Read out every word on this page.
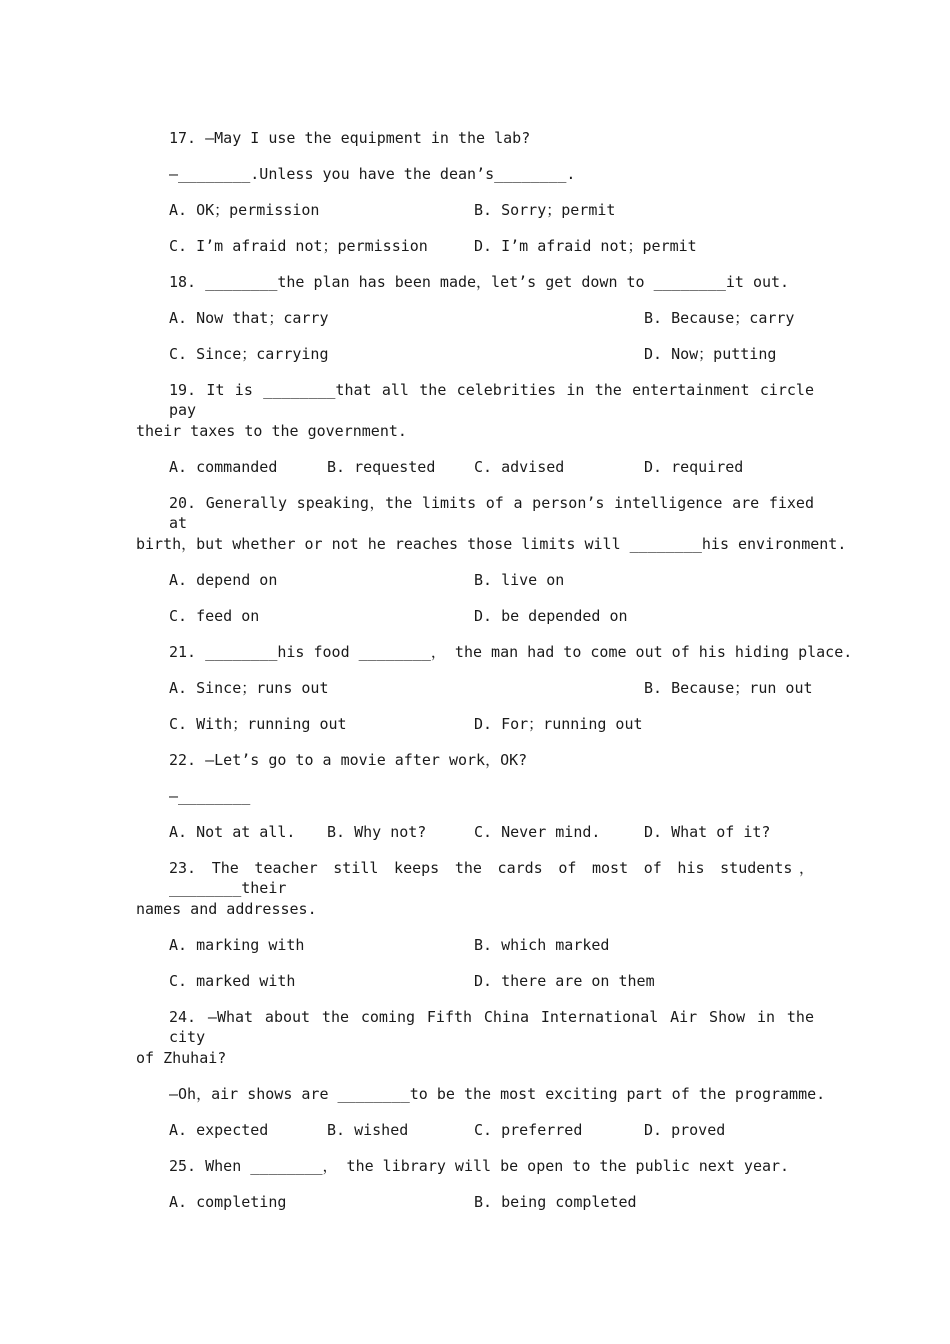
17. —May I use the equipment in the lab?
—________.Unless you have the dean’s________.
A. OK；permission	B. Sorry；permit
C. I’m afraid not；permission	D. I’m afraid not；permit
18. ________the plan has been made，let’s get down to ________it out.
A. Now that；carry	B. Because；carry
C. Since；carrying	D. Now；putting
19. It is ________that all the celebrities in the entertainment circle pay
their taxes to the government.
A. commanded	B. requested	C. advised	D. required
20. Generally speaking，the limits of a person’s intelligence are fixed at
birth，but whether or not he reaches those limits will ________his environment.
A. depend on	B. live on
C. feed on	D. be depended on
21. ________his food ________， the man had to come out of his hiding place.
A. Since；runs out	B. Because；run out
C. With；running out	D. For；running out
22. —Let’s go to a movie after work，OK?
—________
A. Not at all. B. Why not?	C. Never mind.	D. What of it?
23. The teacher still keeps the cards of most of his students， ________their
names and addresses.
A. marking with	B. which marked
C. marked with	D. there are on them
24. —What about the coming Fifth China International Air Show in the city
of Zhuhai?
—Oh，air shows are ________to be the most exciting part of the programme.
A. expected	B. wished	C. preferred	D. proved
25. When ________， the library will be open to the public next year.
A. completing	B. being completed
